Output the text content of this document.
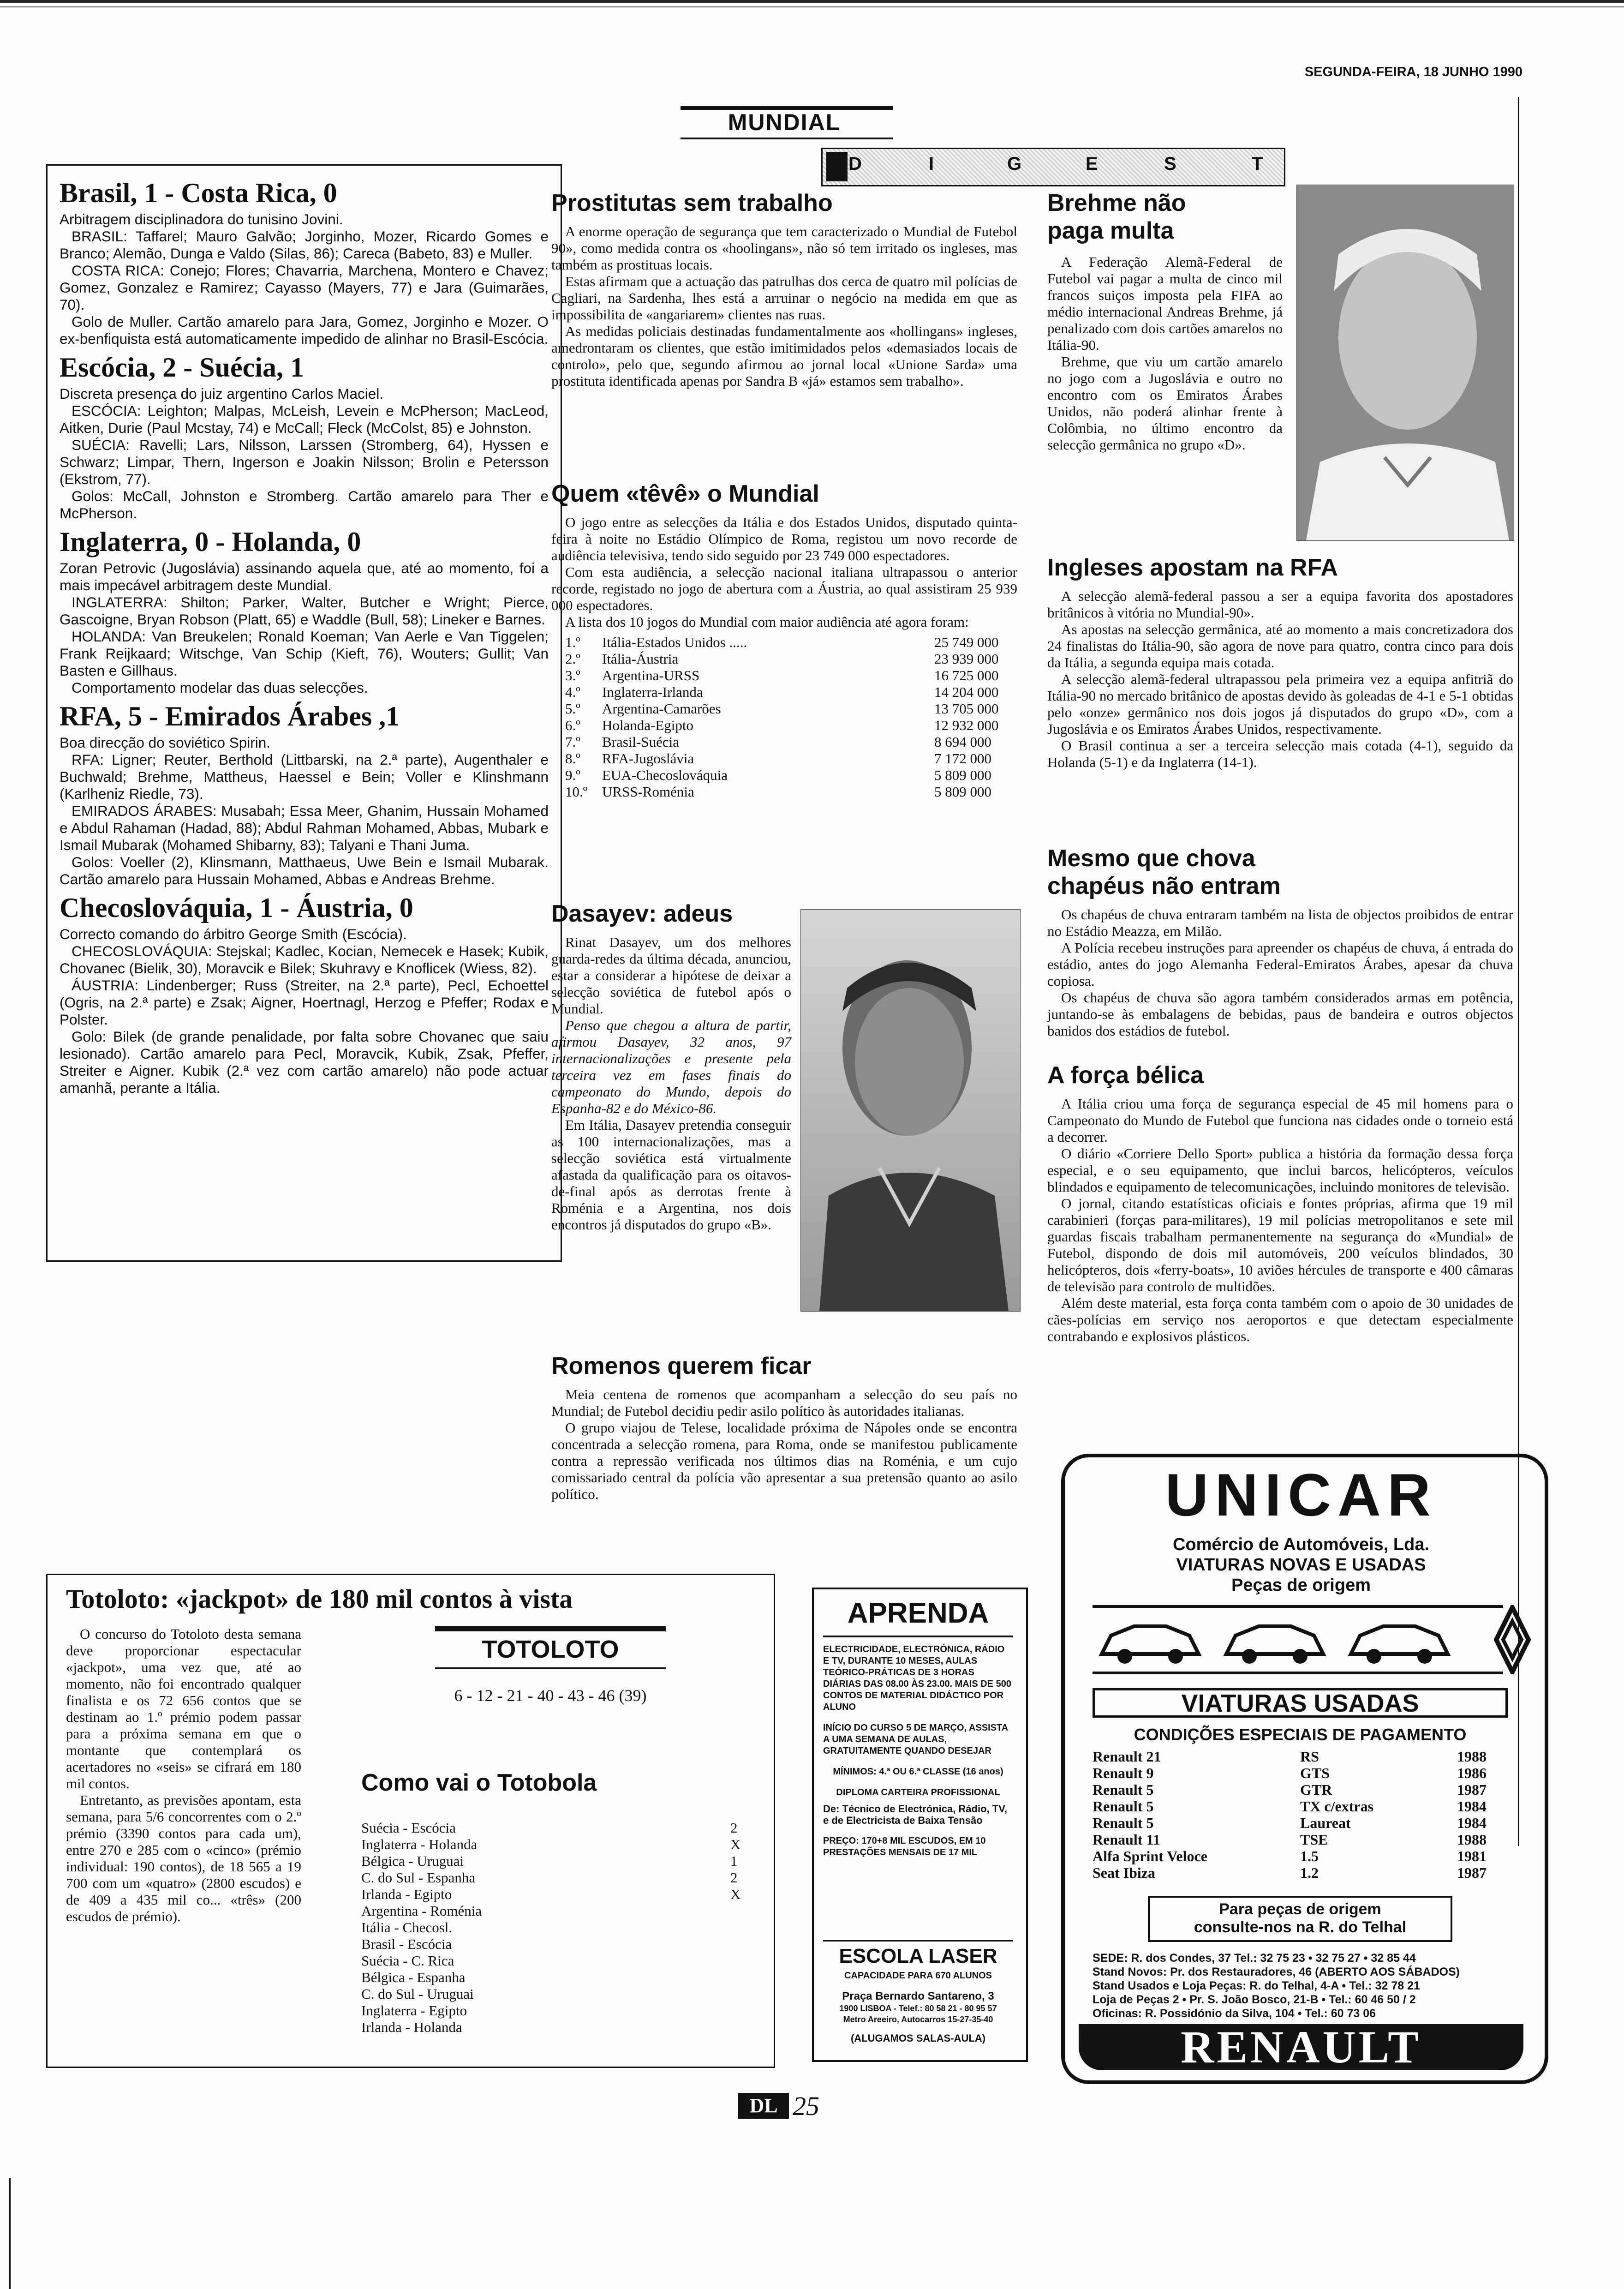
SEGUNDA-FEIRA, 18 JUNHO 1990
MUNDIAL
D	I	G	E	S	T
Brasil, 1 - Costa Rica, 0

Arbitragem disciplinadora do tunisino Jovini.

BRASIL: Taffarel; Mauro Galvão; Jorginho, Mozer, Ricardo Gomes e Branco; Alemão, Dunga e Valdo (Silas, 86); Careca (Babeto, 83) e Muller.

COSTA RICA: Conejo; Flores; Chavarria, Marchena, Montero e Chavez; Gomez, Gonzalez e Ramirez; Cayasso (Mayers, 77) e Jara (Guimarães, 70).

Golo de Muller. Cartão amarelo para Jara, Gomez, Jorginho e Mozer. O ex-benfiquista está automaticamente impedido de alinhar no Brasil-Escócia.

Escócia, 2 - Suécia, 1

Discreta presença do juiz argentino Carlos Maciel.

ESCÓCIA: Leighton; Malpas, McLeish, Levein e McPherson; MacLeod, Aitken, Durie (Paul Mcstay, 74) e McCall; Fleck (McColst, 85) e Johnston.

SUÉCIA: Ravelli; Lars, Nilsson, Larssen (Stromberg, 64), Hyssen e Schwarz; Limpar, Thern, Ingerson e Joakin Nilsson; Brolin e Petersson (Ekstrom, 77).

Golos: McCall, Johnston e Stromberg. Cartão amarelo para Ther e McPherson.

Inglaterra, 0 - Holanda, 0

Zoran Petrovic (Jugoslávia) assinando aquela que, até ao momento, foi a mais impecável arbitragem deste Mundial.

INGLATERRA: Shilton; Parker, Walter, Butcher e Wright; Pierce, Gascoigne, Bryan Robson (Platt, 65) e Waddle (Bull, 58); Lineker e Barnes.

HOLANDA: Van Breukelen; Ronald Koeman; Van Aerle e Van Tiggelen; Frank Reijkaard; Witschge, Van Schip (Kieft, 76), Wouters; Gullit; Van Basten e Gillhaus.

Comportamento modelar das duas selecções.

RFA, 5 - Emirados Árabes ,1

Boa direcção do soviético Spirin.

RFA: Ligner; Reuter, Berthold (Littbarski, na 2.ª parte), Augenthaler e Buchwald; Brehme, Mattheus, Haessel e Bein; Voller e Klinshmann (Karlheniz Riedle, 73).

EMIRADOS ÁRABES: Musabah; Essa Meer, Ghanim, Hussain Mohamed e Abdul Rahaman (Hadad, 88); Abdul Rahman Mohamed, Abbas, Mubark e Ismail Mubarak (Mohamed Shibarny, 83); Talyani e Thani Juma.

Golos: Voeller (2), Klinsmann, Matthaeus, Uwe Bein e Ismail Mubarak. Cartão amarelo para Hussain Mohamed, Abbas e Andreas Brehme.

Checoslováquia, 1 - Áustria, 0

Correcto comando do árbitro George Smith (Escócia).

CHECOSLOVÁQUIA: Stejskal; Kadlec, Kocian, Nemecek e Hasek; Kubik, Chovanec (Bielik, 30), Moravcik e Bilek; Skuhravy e Knoflicek (Wiess, 82).

ÁUSTRIA: Lindenberger; Russ (Streiter, na 2.ª parte), Pecl, Echoettel (Ogris, na 2.ª parte) e Zsak; Aigner, Hoertnagl, Herzog e Pfeffer; Rodax e Polster.

Golo: Bilek (de grande penalidade, por falta sobre Chovanec que saiu lesionado). Cartão amarelo para Pecl, Moravcik, Kubik, Zsak, Pfeffer, Streiter e Aigner. Kubik (2.ª vez com cartão amarelo) não pode actuar amanhã, perante a Itália.

Prostitutas sem trabalho

A enorme operação de segurança que tem caracterizado o Mundial de Futebol 90», como medida contra os «hoolingans», não só tem irritado os ingleses, mas também as prostituas locais.

Estas afirmam que a actuação das patrulhas dos cerca de quatro mil polícias de Cagliari, na Sardenha, lhes está a arruinar o negócio na medida em que as impossibilita de «angariarem» clientes nas ruas.

As medidas policiais destinadas fundamentalmente aos «hollingans» ingleses, amedrontaram os clientes, que estão imitimidados pelos «demasiados locais de controlo», pelo que, segundo afirmou ao jornal local «Unione Sarda» uma prostituta identificada apenas por Sandra B «já» estamos sem trabalho».

Quem «têvê» o Mundial

O jogo entre as selecções da Itália e dos Estados Unidos, disputado quinta-feira à noite no Estádio Olímpico de Roma, registou um novo recorde de audiência televisiva, tendo sido seguido por 23 749 000 espectadores.

Com esta audiência, a selecção nacional italiana ultrapassou o anterior recorde, registado no jogo de abertura com a Áustria, ao qual assistiram 25 939 000 espectadores.

A lista dos 10 jogos do Mundial com maior audiência até agora foram:

1.º Itália-Estados Unidos .....	25 749 000
2.º Itália-Áustria	23 939 000
3.º Argentina-URSS	16 725 000
4.º Inglaterra-Irlanda	14 204 000
5.º Argentina-Camarões	13 705 000
6.º Holanda-Egipto	12 932 000
7.º Brasil-Suécia	8 694 000
8.º RFA-Jugoslávia	7 172 000
9.º EUA-Checoslováquia	5 809 000
10.º URSS-Roménia	5 809 000
Dasayev: adeus

Rinat Dasayev, um dos melhores guarda-redes da última década, anunciou, estar a considerar a hipótese de deixar a selecção soviética de futebol após o Mundial.

Penso que chegou a altura de partir, afirmou Dasayev, 32 anos, 97 internacionalizações e presente pela terceira vez em fases finais do campeonato do Mundo, depois do Espanha-82 e do México-86.

Em Itália, Dasayev pretendia conseguir as 100 internacionalizações, mas a selecção soviética está virtualmente afastada da qualificação para os oitavos-de-final após as derrotas frente à Roménia e a Argentina, nos dois encontros já disputados do grupo «B».

Romenos querem ficar

Meia centena de romenos que acompanham a selecção do seu país no Mundial; de Futebol decidiu pedir asilo político às autoridades italianas.

O grupo viajou de Telese, localidade próxima de Nápoles onde se encontra concentrada a selecção romena, para Roma, onde se manifestou publicamente contra a repressão verificada nos últimos dias na Roménia, e um cujo comissariado central da polícia vão apresentar a sua pretensão quanto ao asilo político.

Brehme não
paga multa

A Federação Alemã-Federal de Futebol vai pagar a multa de cinco mil francos suiços imposta pela FIFA ao médio internacional Andreas Brehme, já penalizado com dois cartões amarelos no Itália-90.

Brehme, que viu um cartão amarelo no jogo com a Jugoslávia e outro no encontro com os Emiratos Árabes Unidos, não poderá alinhar frente à Colômbia, no último encontro da selecção germânica no grupo «D».

Ingleses apostam na RFA

A selecção alemã-federal passou a ser a equipa favorita dos apostadores britânicos à vitória no Mundial-90».

As apostas na selecção germânica, até ao momento a mais concretizadora dos 24 finalistas do Itália-90, são agora de nove para quatro, contra cinco para dois da Itália, a segunda equipa mais cotada.

A selecção alemã-federal ultrapassou pela primeira vez a equipa anfitriã do Itália-90 no mercado britânico de apostas devido às goleadas de 4-1 e 5-1 obtidas pelo «onze» germânico nos dois jogos já disputados do grupo «D», com a Jugoslávia e os Emiratos Árabes Unidos, respectivamente.

O Brasil continua a ser a terceira selecção mais cotada (4-1), seguido da Holanda (5-1) e da Inglaterra (14-1).

Mesmo que chova
chapéus não entram

Os chapéus de chuva entraram também na lista de objectos proibidos de entrar no Estádio Meazza, em Milão.

A Polícia recebeu instruções para apreender os chapéus de chuva, á entrada do estádio, antes do jogo Alemanha Federal-Emiratos Árabes, apesar da chuva copiosa.

Os chapéus de chuva são agora também considerados armas em potência, juntando-se às embalagens de bebidas, paus de bandeira e outros objectos banidos dos estádios de futebol.

A força bélica

A Itália criou uma força de segurança especial de 45 mil homens para o Campeonato do Mundo de Futebol que funciona nas cidades onde o torneio está a decorrer.

O diário «Corriere Dello Sport» publica a história da formação dessa força especial, e o seu equipamento, que inclui barcos, helicópteros, veículos blindados e equipamento de telecomunicações, incluindo monitores de televisão.

O jornal, citando estatísticas oficiais e fontes próprias, afirma que 19 mil carabinieri (forças para-militares), 19 mil polícias metropolitanos e sete mil guardas fiscais trabalham permanentemente na segurança do «Mundial» de Futebol, dispondo de dois mil automóveis, 200 veículos blindados, 30 helicópteros, dois «ferry-boats», 10 aviões hércules de transporte e 400 câmaras de televisão para controlo de multidões.

Além deste material, esta força conta também com o apoio de 30 unidades de cães-polícias em serviço nos aeroportos e que detectam especialmente contrabando e explosivos plásticos.

Totoloto: «jackpot» de 180 mil contos à vista

O concurso do Totoloto desta semana deve proporcionar espectacular «jackpot», uma vez que, até ao momento, não foi encontrado qualquer finalista e os 72 656 contos que se destinam ao 1.º prémio podem passar para a próxima semana em que o montante que contemplará os acertadores no «seis» se cifrará em 180 mil contos.

Entretanto, as previsões apontam, esta semana, para 5/6 concorrentes com o 2.º prémio (3390 contos para cada um), entre 270 e 285 com o «cinco» (prémio individual: 190 contos), de 18 565 a 19 700 com um «quatro» (2800 escudos) e de 409 a 435 mil co... «três» (200 escudos de prémio).

TOTOLOTO
6 - 12 - 21 - 40 - 43 - 46 (39)
Como vai o Totobola
Suécia - Escócia	2
Inglaterra - Holanda	X
Bélgica - Uruguai	1
C. do Sul - Espanha	2
Irlanda - Egipto	X
Argentina - Roménia
Itália - Checosl.
Brasil - Escócia
Suécia - C. Rica
Bélgica - Espanha
C. do Sul - Uruguai
Inglaterra - Egipto
Irlanda - Holanda
APRENDA

ELECTRICIDADE, ELECTRÓNICA, RÁDIO E TV, DURANTE 10 MESES, AULAS TEÓRICO-PRÁTICAS DE 3 HORAS DIÁRIAS DAS 08.00 ÀS 23.00. MAIS DE 500 CONTOS DE MATERIAL DIDÁCTICO POR ALUNO

INÍCIO DO CURSO 5 DE MARÇO, ASSISTA A UMA SEMANA DE AULAS, GRATUITAMENTE QUANDO DESEJAR

MÍNIMOS: 4.ª OU 6.ª CLASSE (16 anos)

DIPLOMA CARTEIRA PROFISSIONAL

De: Técnico de Electrónica, Rádio, TV, e de Electricista de Baixa Tensão

PREÇO: 170+8 MIL ESCUDOS, EM 10 PRESTAÇÕES MENSAIS DE 17 MIL

ESCOLA LASER
CAPACIDADE PARA 670 ALUNOS
Praça Bernardo Santareno, 3
1900 LISBOA - Telef.: 80 58 21 - 80 95 57
Metro Areeiro, Autocarros 15-27-35-40
(ALUGAMOS SALAS-AULA)
UNICAR
Comércio de Automóveis, Lda.
VIATURAS NOVAS E USADAS
Peças de origem
VIATURAS USADAS
CONDIÇÕES ESPECIAIS DE PAGAMENTO
Renault 21	RS	1988
Renault 9	GTS	1986
Renault 5	GTR	1987
Renault 5	TX c/extras	1984
Renault 5	Laureat	1984
Renault 11	TSE	1988
Alfa Sprint Veloce	1.5	1981
Seat Ibiza	1.2	1987
Para peças de origem
consulte-nos na R. do Telhal

SEDE: R. dos Condes, 37 Tel.: 32 75 23 • 32 75 27 • 32 85 44

Stand Novos: Pr. dos Restauradores, 46 (ABERTO AOS SÁBADOS)

Stand Usados e Loja Peças: R. do Telhal, 4-A • Tel.: 32 78 21

Loja de Peças 2 • Pr. S. João Bosco, 21-B • Tel.: 60 46 50 / 2

Oficinas: R. Possidónio da Silva, 104 • Tel.: 60 73 06

RENAULT
DL 25
